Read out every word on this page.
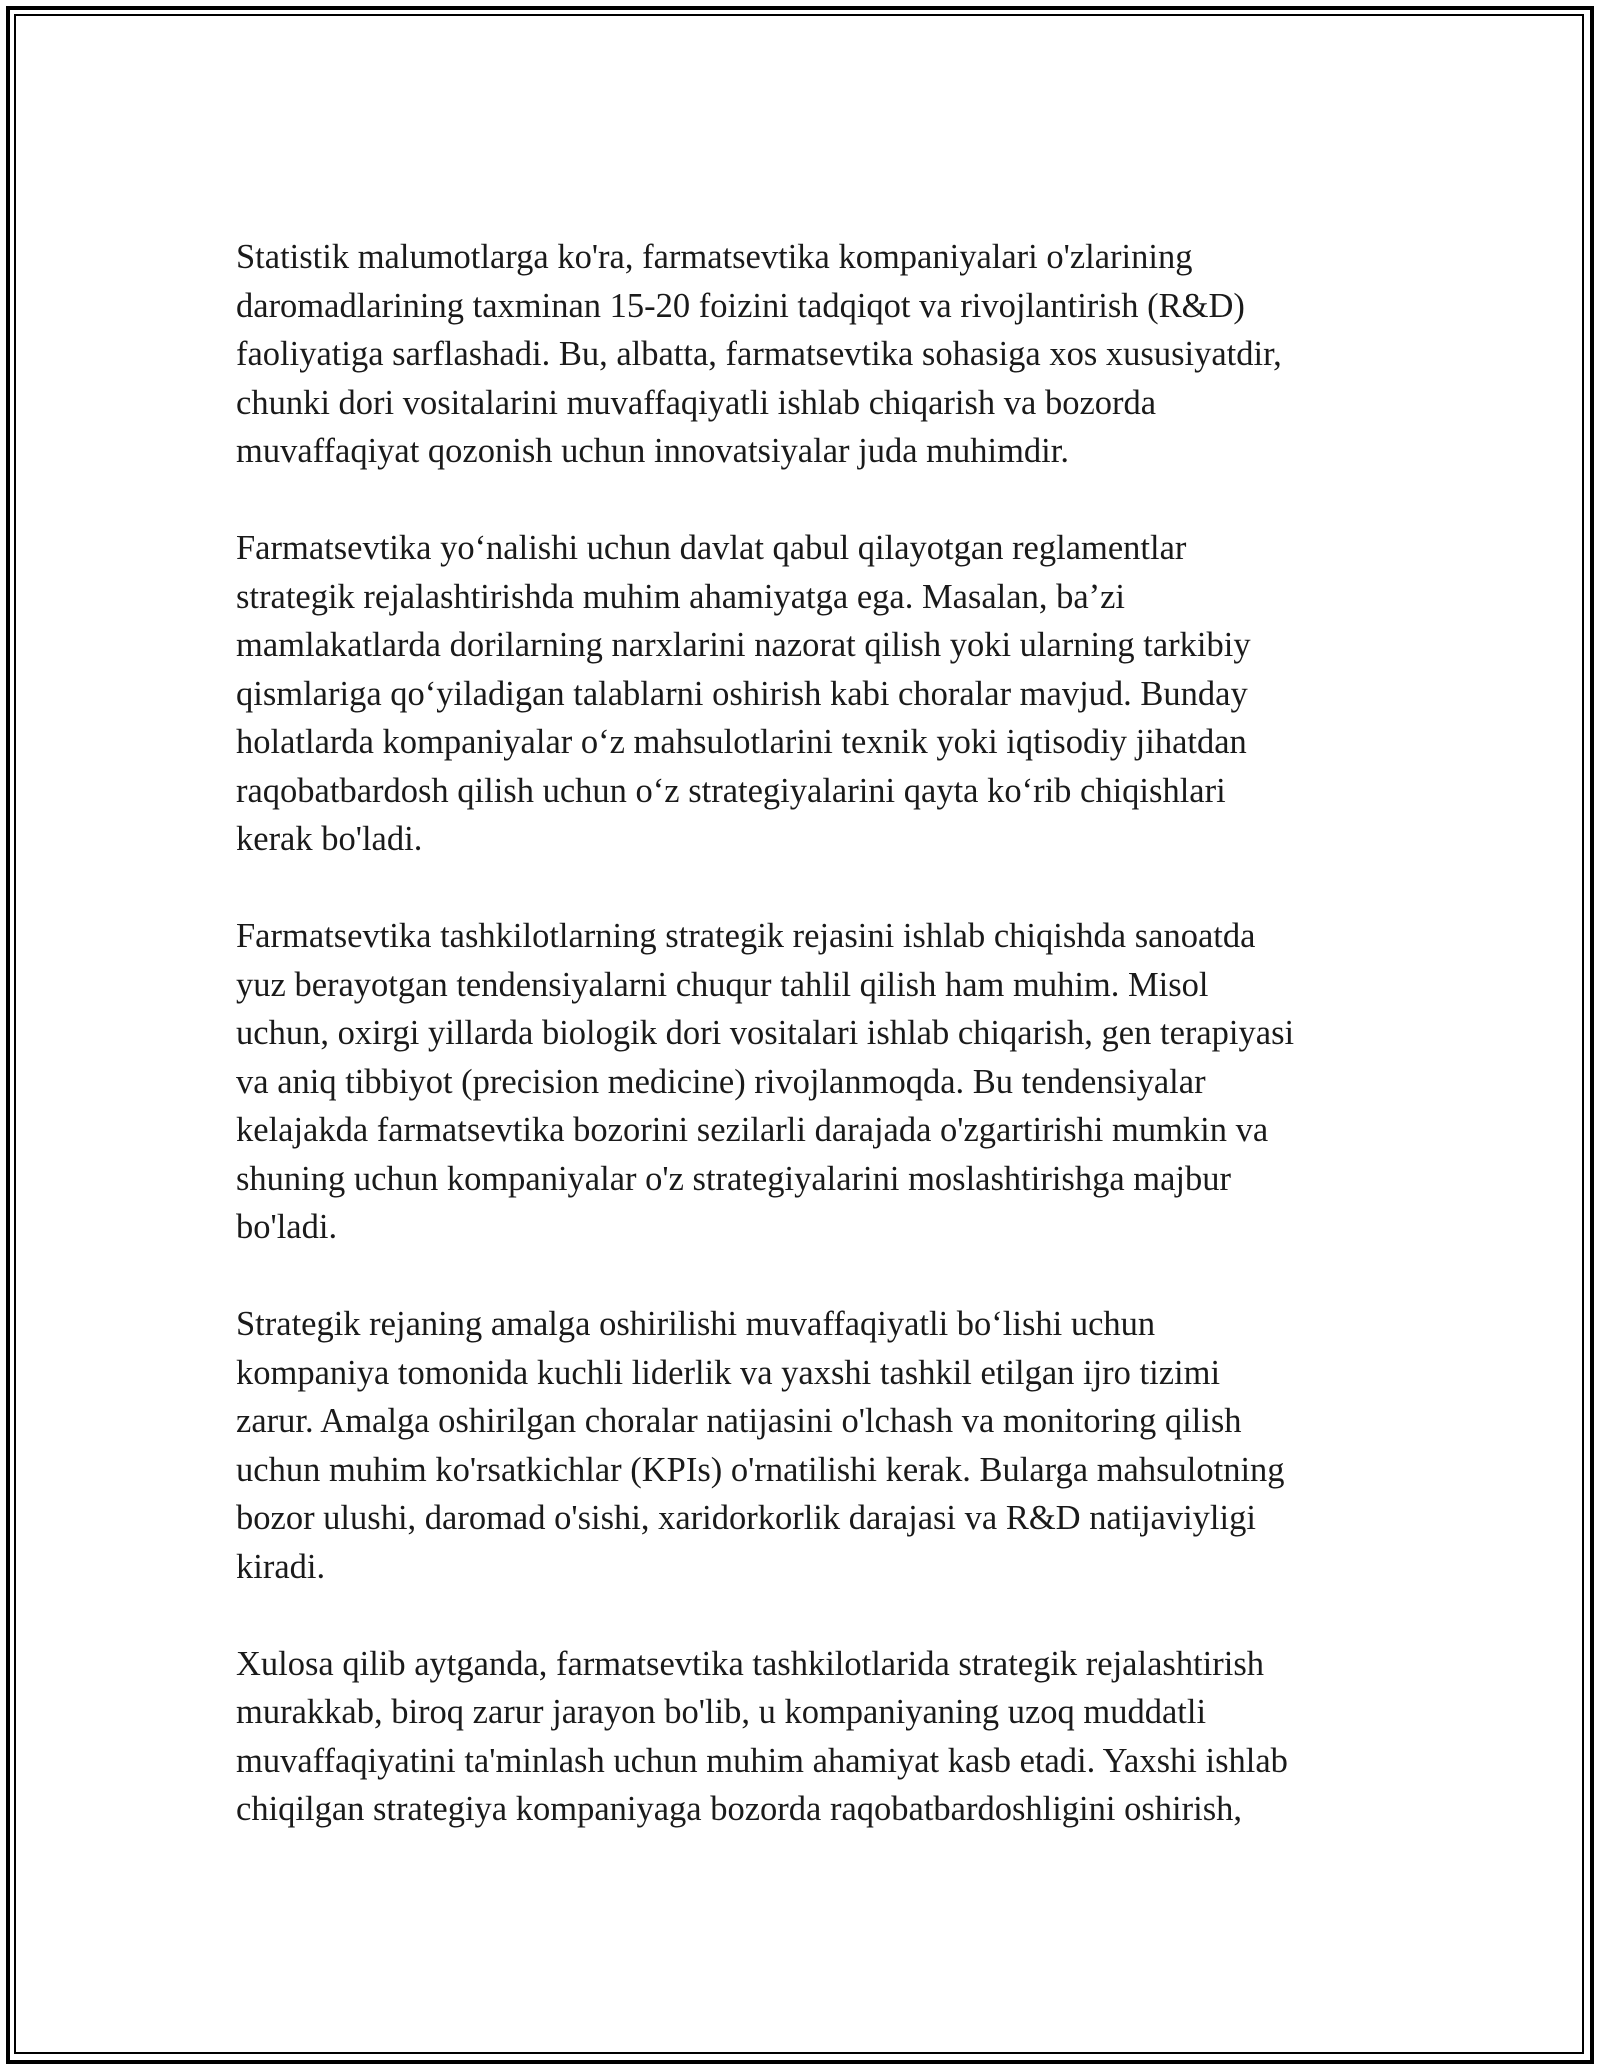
Statistik malumotlarga ko'ra, farmatsevtika kompaniyalari o'zlarining
daromadlarining taxminan 15-20 foizini tadqiqot va rivojlantirish (R&D)
faoliyatiga sarflashadi. Bu, albatta, farmatsevtika sohasiga xos xususiyatdir,
chunki dori vositalarini muvaffaqiyatli ishlab chiqarish va bozorda
muvaffaqiyat qozonish uchun innovatsiyalar juda muhimdir.

Farmatsevtika yoʻnalishi uchun davlat qabul qilayotgan reglamentlar
strategik rejalashtirishda muhim ahamiyatga ega. Masalan, baʼzi
mamlakatlarda dorilarning narxlarini nazorat qilish yoki ularning tarkibiy
qismlariga qoʻyiladigan talablarni oshirish kabi choralar mavjud. Bunday
holatlarda kompaniyalar oʻz mahsulotlarini texnik yoki iqtisodiy jihatdan
raqobatbardosh qilish uchun oʻz strategiyalarini qayta koʻrib chiqishlari
kerak bo'ladi.

Farmatsevtika tashkilotlarning strategik rejasini ishlab chiqishda sanoatda
yuz berayotgan tendensiyalarni chuqur tahlil qilish ham muhim. Misol
uchun, oxirgi yillarda biologik dori vositalari ishlab chiqarish, gen terapiyasi
va aniq tibbiyot (precision medicine) rivojlanmoqda. Bu tendensiyalar
kelajakda farmatsevtika bozorini sezilarli darajada o'zgartirishi mumkin va
shuning uchun kompaniyalar o'z strategiyalarini moslashtirishga majbur
bo'ladi.

Strategik rejaning amalga oshirilishi muvaffaqiyatli boʻlishi uchun
kompaniya tomonida kuchli liderlik va yaxshi tashkil etilgan ijro tizimi
zarur. Amalga oshirilgan choralar natijasini o'lchash va monitoring qilish
uchun muhim ko'rsatkichlar (KPIs) o'rnatilishi kerak. Bularga mahsulotning
bozor ulushi, daromad o'sishi, xaridorkorlik darajasi va R&D natijaviyligi
kiradi.

Xulosa qilib aytganda, farmatsevtika tashkilotlarida strategik rejalashtirish
murakkab, biroq zarur jarayon bo'lib, u kompaniyaning uzoq muddatli
muvaffaqiyatini ta'minlash uchun muhim ahamiyat kasb etadi. Yaxshi ishlab
chiqilgan strategiya kompaniyaga bozorda raqobatbardoshligini oshirish,
